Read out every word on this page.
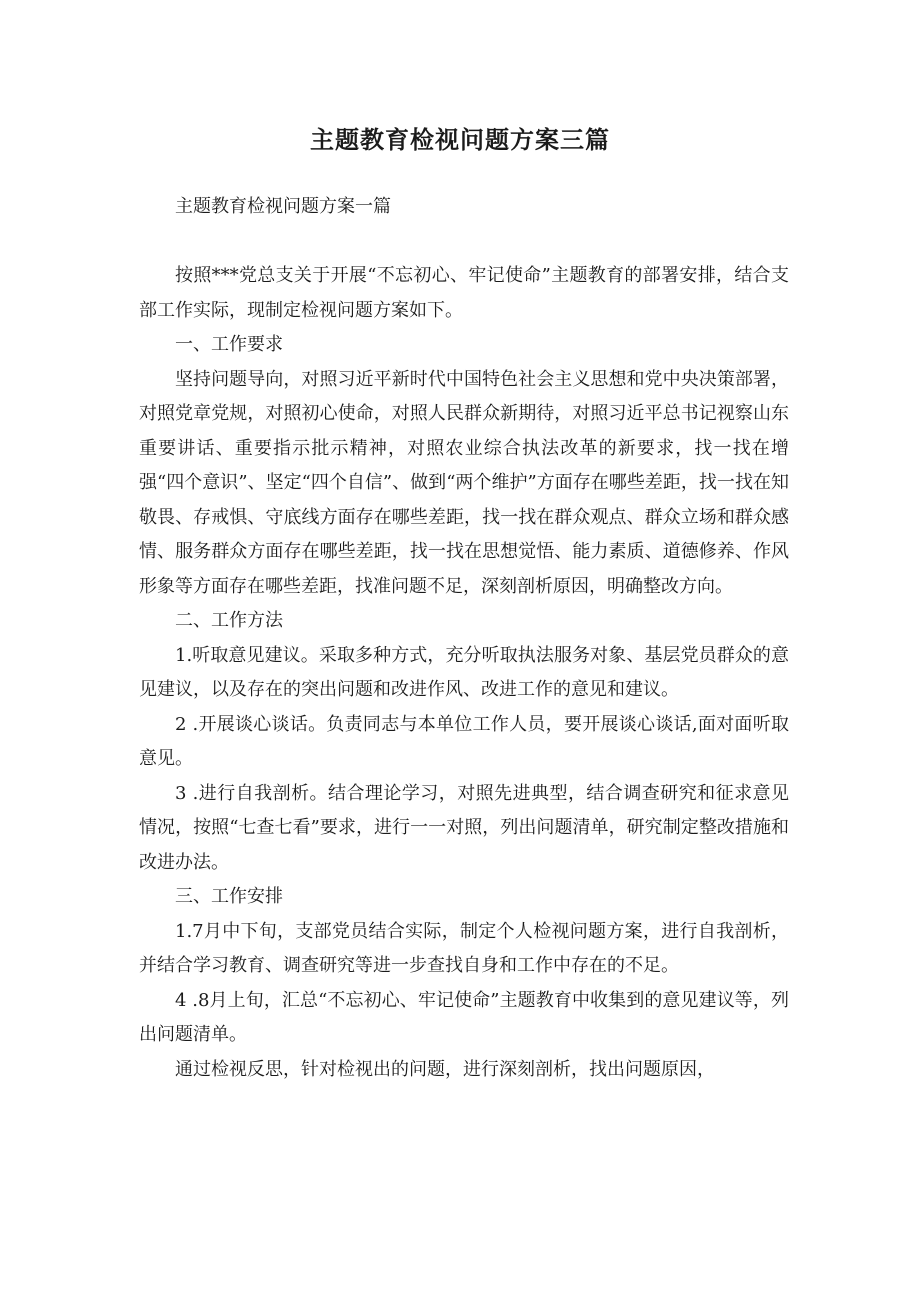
主题教育检视问题方案三篇

主题教育检视问题方案一篇

按照***党总支关于开展“不忘初心、牢记使命”主题教育的部署安排，结合支部工作实际，现制定检视问题方案如下。

一、工作要求

坚持问题导向，对照习近平新时代中国特色社会主义思想和党中央决策部署，对照党章党规，对照初心使命，对照人民群众新期待，对照习近平总书记视察山东重要讲话、重要指示批示精神，对照农业综合执法改革的新要求，找一找在增强“四个意识”、坚定“四个自信”、做到“两个维护”方面存在哪些差距，找一找在知敬畏、存戒惧、守底线方面存在哪些差距，找一找在群众观点、群众立场和群众感情、服务群众方面存在哪些差距，找一找在思想觉悟、能力素质、道德修养、作风形象等方面存在哪些差距，找准问题不足，深刻剖析原因，明确整改方向。

二、工作方法

1.听取意见建议。采取多种方式，充分听取执法服务对象、基层党员群众的意见建议，以及存在的突出问题和改进作风、改进工作的意见和建议。

2 .开展谈心谈话。负责同志与本单位工作人员，要开展谈心谈话,面对面听取意见。

3 .进行自我剖析。结合理论学习，对照先进典型，结合调查研究和征求意见情况，按照“七查七看”要求，进行一一对照，列出问题清单，研究制定整改措施和改进办法。

三、工作安排

1.7月中下旬，支部党员结合实际，制定个人检视问题方案，进行自我剖析，并结合学习教育、调查研究等进一步查找自身和工作中存在的不足。

4 .8月上旬，汇总“不忘初心、牢记使命”主题教育中收集到的意见建议等，列出问题清单。

通过检视反思，针对检视出的问题，进行深刻剖析，找出问题原因，
